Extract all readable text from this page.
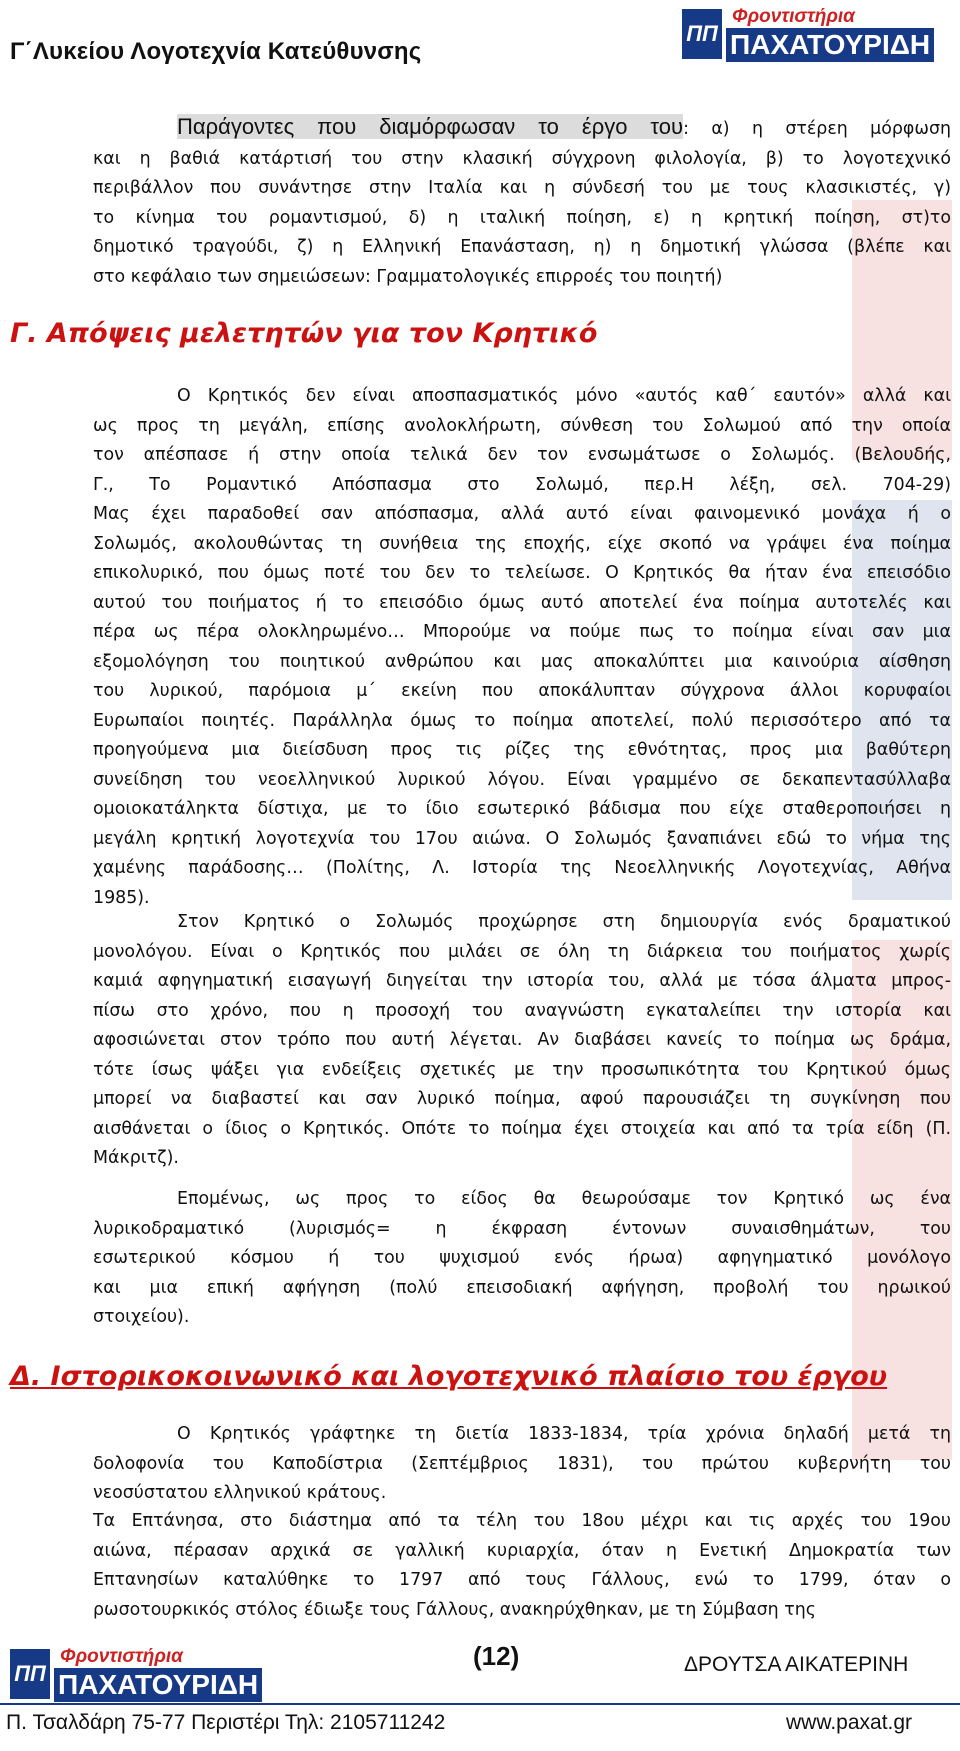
Γ΄Λυκείου Λογοτεχνία Κατεύθυνσης
ΠΠ
Φροντιστήρια
ΠΑΧΑΤΟΥΡΙΔΗ
Παράγοντες που διαμόρφωσαν το έργο του: α) η στέρεη μόρφωση
και η βαθιά κατάρτισή του στην κλασική σύγχρονη φιλολογία, β) το λογοτεχνικό
περιβάλλον που συνάντησε στην Ιταλία και η σύνδεσή του με τους κλασικιστές, γ)
το κίνημα του ρομαντισμού, δ) η ιταλική ποίηση, ε) η κρητική ποίηση, στ)το
δημοτικό τραγούδι, ζ) η Ελληνική Επανάσταση, η) η δημοτική γλώσσα (βλέπε και
στο κεφάλαιο των σημειώσεων: Γραμματολογικές επιρροές του ποιητή)
Γ. Απόψεις μελετητών για τον Κρητικό
Ο Κρητικός δεν είναι αποσπασματικός μόνο «αυτός καθ΄ εαυτόν» αλλά και
ως προς τη μεγάλη, επίσης ανολοκλήρωτη, σύνθεση του Σολωμού από την οποία
τον απέσπασε ή στην οποία τελικά δεν τον ενσωμάτωσε ο Σολωμός. (Βελουδής,
Γ., Το Ρομαντικό Απόσπασμα στο Σολωμό, περ.Η λέξη, σελ. 704-29)
Μας έχει παραδοθεί σαν απόσπασμα, αλλά αυτό είναι φαινομενικό μονάχα ή ο
Σολωμός, ακολουθώντας τη συνήθεια της εποχής, είχε σκοπό να γράψει ένα ποίημα
επικολυρικό, που όμως ποτέ του δεν το τελείωσε. Ο Κρητικός θα ήταν ένα επεισόδιο
αυτού του ποιήματος ή το επεισόδιο όμως αυτό αποτελεί ένα ποίημα αυτοτελές και
πέρα ως πέρα ολοκληρωμένο… Μπορούμε να πούμε πως το ποίημα είναι σαν μια
εξομολόγηση του ποιητικού ανθρώπου και μας αποκαλύπτει μια καινούρια αίσθηση
του λυρικού, παρόμοια μ΄ εκείνη που αποκάλυπταν σύγχρονα άλλοι κορυφαίοι
Ευρωπαίοι ποιητές. Παράλληλα όμως το ποίημα αποτελεί, πολύ περισσότερο από τα
προηγούμενα μια διείσδυση προς τις ρίζες της εθνότητας, προς μια βαθύτερη
συνείδηση του νεοελληνικού λυρικού λόγου. Είναι γραμμένο σε δεκαπεντασύλλαβα
ομοιοκατάληκτα δίστιχα, με το ίδιο εσωτερικό βάδισμα που είχε σταθεροποιήσει η
μεγάλη κρητική λογοτεχνία του 17ου αιώνα. Ο Σολωμός ξαναπιάνει εδώ το νήμα της
χαμένης παράδοσης… (Πολίτης, Λ. Ιστορία της Νεοελληνικής Λογοτεχνίας, Αθήνα
1985).
Στον Κρητικό ο Σολωμός προχώρησε στη δημιουργία ενός δραματικού
μονολόγου. Είναι ο Κρητικός που μιλάει σε όλη τη διάρκεια του ποιήματος χωρίς
καμιά αφηγηματική εισαγωγή διηγείται την ιστορία του, αλλά με τόσα άλματα μπρος-
πίσω στο χρόνο, που η προσοχή του αναγνώστη εγκαταλείπει την ιστορία και
αφοσιώνεται στον τρόπο που αυτή λέγεται. Αν διαβάσει κανείς το ποίημα ως δράμα,
τότε ίσως ψάξει για ενδείξεις σχετικές με την προσωπικότητα του Κρητικού όμως
μπορεί να διαβαστεί και σαν λυρικό ποίημα, αφού παρουσιάζει τη συγκίνηση που
αισθάνεται ο ίδιος ο Κρητικός. Οπότε το ποίημα έχει στοιχεία και από τα τρία είδη (Π.
Μάκριτζ).
Επομένως, ως προς το είδος θα θεωρούσαμε τον Κρητικό ως ένα
λυρικοδραματικό (λυρισμός= η έκφραση έντονων συναισθημάτων, του
εσωτερικού κόσμου ή του ψυχισμού ενός ήρωα) αφηγηματικό μονόλογο
και μια επική αφήγηση (πολύ επεισοδιακή αφήγηση, προβολή του ηρωικού
στοιχείου).
Δ. Ιστορικοκοινωνικό και λογοτεχνικό πλαίσιο του έργου
Ο Κρητικός γράφτηκε τη διετία 1833-1834, τρία χρόνια δηλαδή μετά τη
δολοφονία του Καποδίστρια (Σεπτέμβριος 1831), του πρώτου κυβερνήτη του
νεοσύστατου ελληνικού κράτους.
Τα Επτάνησα, στο διάστημα από τα τέλη του 18ου μέχρι και τις αρχές του 19ου
αιώνα, πέρασαν αρχικά σε γαλλική κυριαρχία, όταν η Ενετική Δημοκρατία των
Επτανησίων καταλύθηκε το 1797 από τους Γάλλους, ενώ το 1799, όταν ο
ρωσοτουρκικός στόλος έδιωξε τους Γάλλους, ανακηρύχθηκαν, με τη Σύμβαση της
ΠΠ
Φροντιστήρια
ΠΑΧΑΤΟΥΡΙΔΗ
(12)	ΔΡΟΥΤΣΑ ΑΙΚΑΤΕΡΙΝΗ
Π. Τσαλδάρη 75-77 Περιστέρι Τηλ: 2105711242	www.paxat.gr
